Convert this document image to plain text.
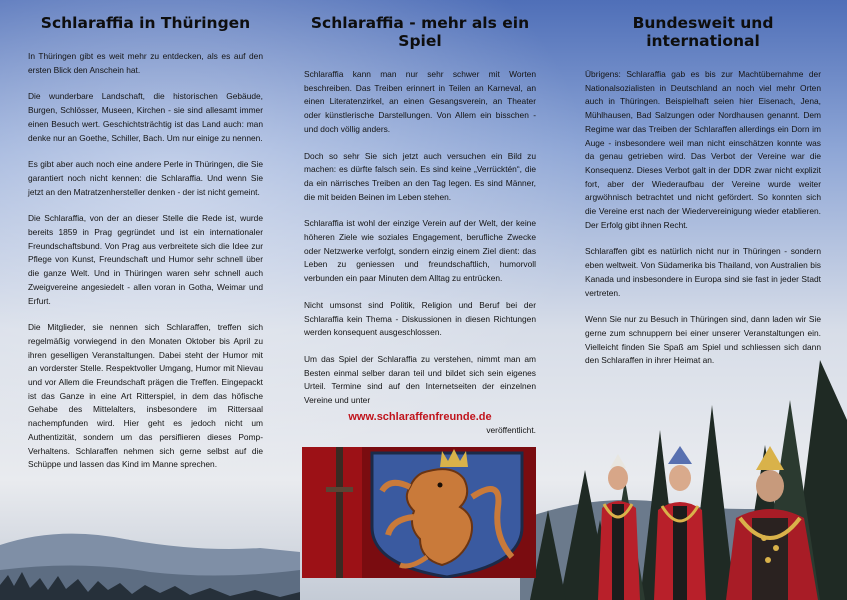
Schlaraffia in Thüringen

In Thüringen gibt es weit mehr zu entdecken, als es auf den ersten Blick den Anschein hat.

Die wunderbare Landschaft, die historischen Gebäude, Burgen, Schlösser, Museen, Kirchen - sie sind allesamt immer einen Besuch wert. Geschichtsträchtig ist das Land auch: man denke nur an Goethe, Schiller, Bach. Um nur einige zu nennen.

Es gibt aber auch noch eine andere Perle in Thüringen, die Sie garantiert noch nicht kennen: die Schlaraffia. Und wenn Sie jetzt an den Matratzenhersteller denken - der ist nicht gemeint.

Die Schlaraffia, von der an dieser Stelle die Rede ist, wurde bereits 1859 in Prag gegründet und ist ein internationaler Freundschaftsbund. Von Prag aus verbreitete sich die Idee zur Pflege von Kunst, Freundschaft und Humor sehr schnell über die ganze Welt. Und in Thüringen waren sehr schnell auch Zweigvereine angesiedelt - allen voran in Gotha, Weimar und Erfurt.

Die Mitglieder, sie nennen sich Schlaraffen, treffen sich regelmäßig vorwiegend in den Monaten Oktober bis April zu ihren geselligen Veranstaltungen. Dabei steht der Humor mit an vorderster Stelle. Respektvoller Umgang, Humor mit Nievau und vor Allem die Freundschaft prägen die Treffen. Eingepackt ist das Ganze in eine Art Ritterspiel, in dem das höfische Gehabe des Mittelalters, insbesondere im Rittersaal nachempfunden wird. Hier geht es jedoch nicht um Authentizität, sondern um das persiflieren dieses Pomp-Verhaltens. Schlaraffen nehmen sich gerne selbst auf die Schüppe und lassen das Kind im Manne sprechen.

Schlaraffia - mehr als ein Spiel

Schlaraffia kann man nur sehr schwer mit Worten beschreiben. Das Treiben erinnert in Teilen an Karneval, an einen Literatenzirkel, an einen Gesangsverein, an Theater oder künstlerische Darstellungen. Von Allem ein bisschen - und doch völlig anders.

Doch so sehr Sie sich jetzt auch versuchen ein Bild zu machen: es dürfte falsch sein. Es sind keine „Verrücktén“, die da ein närrisches Treiben an den Tag legen. Es sind Männer, die mit beiden Beinen im Leben stehen.

Schlaraffia ist wohl der einzige Verein auf der Welt, der keine höheren Ziele wie soziales Engagement, berufliche Zwecke oder Netzwerke verfolgt, sondern einzig einem Ziel dient: das Leben zu geniessen und freundschaftlich, humorvoll verbunden ein paar Minuten dem Alltag zu entrücken.

Nicht umsonst sind Politik, Religion und Beruf bei der Schlaraffia kein Thema - Diskussionen in diesen Richtungen werden konsequent ausgeschlossen.

Um das Spiel der Schlaraffia zu verstehen, nimmt man am Besten einmal selber daran teil und bildet sich sein eigenes Urteil. Termine sind auf den Internetseiten der einzelnen Vereine und unter

www.schlaraffenfreunde.de
veröffentlicht.
Bundesweit und international

Übrigens: Schlaraffia gab es bis zur Machtübernahme der Nationalsozialisten in Deutschland an noch viel mehr Orten auch in Thüringen. Beispielhaft seien hier Eisenach, Jena, Mühlhausen, Bad Salzungen oder Nordhausen genannt. Dem Regime war das Treiben der Schlaraffen allerdings ein Dorn im Auge - insbesondere weil man nicht einschätzen konnte was da genau getrieben wird. Das Verbot der Vereine war die Konsequenz. Dieses Verbot galt in der DDR zwar nicht explizit fort, aber der Wiederaufbau der Vereine wurde weiter argwöhnisch betrachtet und nicht gefördert. So konnten sich die Vereine erst nach der Wiedervereinigung wieder etablieren. Der Erfolg gibt ihnen Recht.

Schlaraffen gibt es natürlich nicht nur in Thüringen - sondern eben weltweit. Von Südamerika bis Thailand, von Australien bis Kanada und insbesondere in Europa sind sie fast in jeder Stadt vertreten.

Wenn Sie nur zu Besuch in Thüringen sind, dann laden wir Sie gerne zum schnuppern bei einer unserer Veranstaltungen ein. Vielleicht finden Sie Spaß am Spiel und schliessen sich dann den Schlaraffen in ihrer Heimat an.
